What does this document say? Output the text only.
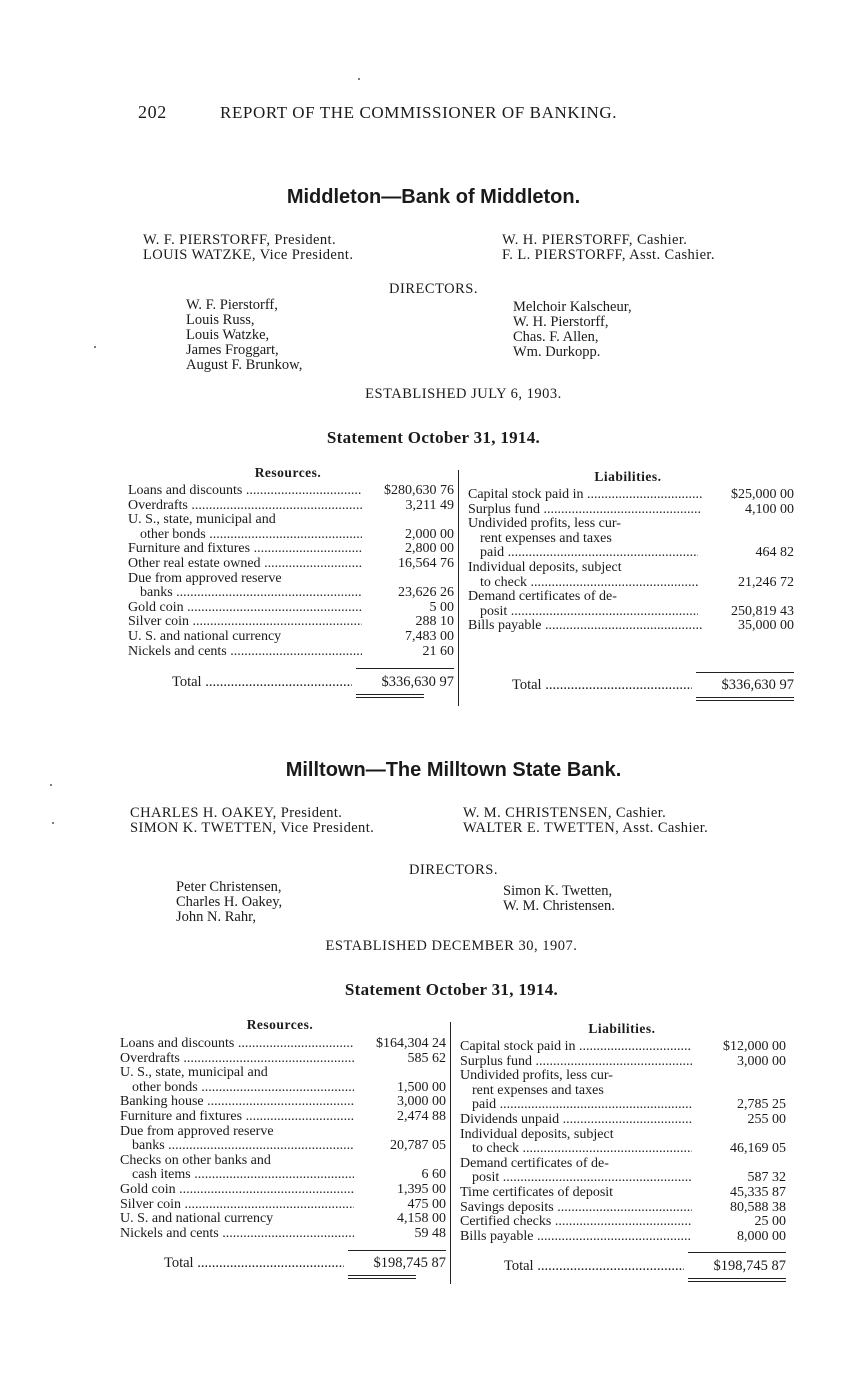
202	REPORT OF THE COMMISSIONER OF BANKING.
Middleton—Bank of Middleton.
W. F. PIERSTORFF, President.
LOUIS WATZKE, Vice President.
W. H. PIERSTORFF, Cashier.
F. L. PIERSTORFF, Asst. Cashier.
DIRECTORS.
W. F. Pierstorff,
Louis Russ,
Louis Watzke,
James Froggart,
August F. Brunkow,
Melchoir Kalscheur,
W. H. Pierstorff,
Chas. F. Allen,
Wm. Durkopp.
ESTABLISHED JULY 6, 1903.
Statement October 31, 1914.
Resources.
Loans and discounts .....	$280,630 76
Overdrafts .....	3,211 49
U. S., state, municipal and
other bonds .....	2,000 00
Furniture and fixtures .....	2,800 00
Other real estate owned .....	16,564 76
Due from approved reserve
banks .....	23,626 26
Gold coin .....	5 00
Silver coin .....	288 10
U. S. and national currency	7,483 00
Nickels and cents .....	21 60
Total .....	$336,630 97
Liabilities.
Capital stock paid in .....	$25,000 00
Surplus fund .....	4,100 00
Undivided profits, less cur-
rent expenses and taxes
paid .....	464 82
Individual deposits, subject
to check .....	21,246 72
Demand certificates of de-
posit .....	250,819 43
Bills payable .....	35,000 00
Total .....	$336,630 97
Milltown—The Milltown State Bank.
CHARLES H. OAKEY, President.
SIMON K. TWETTEN, Vice President.
W. M. CHRISTENSEN, Cashier.
WALTER E. TWETTEN, Asst. Cashier.
DIRECTORS.
Peter Christensen,
Charles H. Oakey,
John N. Rahr,
Simon K. Twetten,
W. M. Christensen.
ESTABLISHED DECEMBER 30, 1907.
Statement October 31, 1914.
Resources.
Loans and discounts .....	$164,304 24
Overdrafts .....	585 62
U. S., state, municipal and
other bonds .....	1,500 00
Banking house .....	3,000 00
Furniture and fixtures .....	2,474 88
Due from approved reserve
banks .....	20,787 05
Checks on other banks and
cash items .....	6 60
Gold coin .....	1,395 00
Silver coin .....	475 00
U. S. and national currency	4,158 00
Nickels and cents .....	59 48
Total .....	$198,745 87
Liabilities.
Capital stock paid in .....	$12,000 00
Surplus fund .....	3,000 00
Undivided profits, less cur-
rent expenses and taxes
paid .....	2,785 25
Dividends unpaid .....	255 00
Individual deposits, subject
to check .....	46,169 05
Demand certificates of de-
posit .....	587 32
Time certificates of deposit	45,335 87
Savings deposits .....	80,588 38
Certified checks .....	25 00
Bills payable .....	8,000 00
Total .....	$198,745 87
